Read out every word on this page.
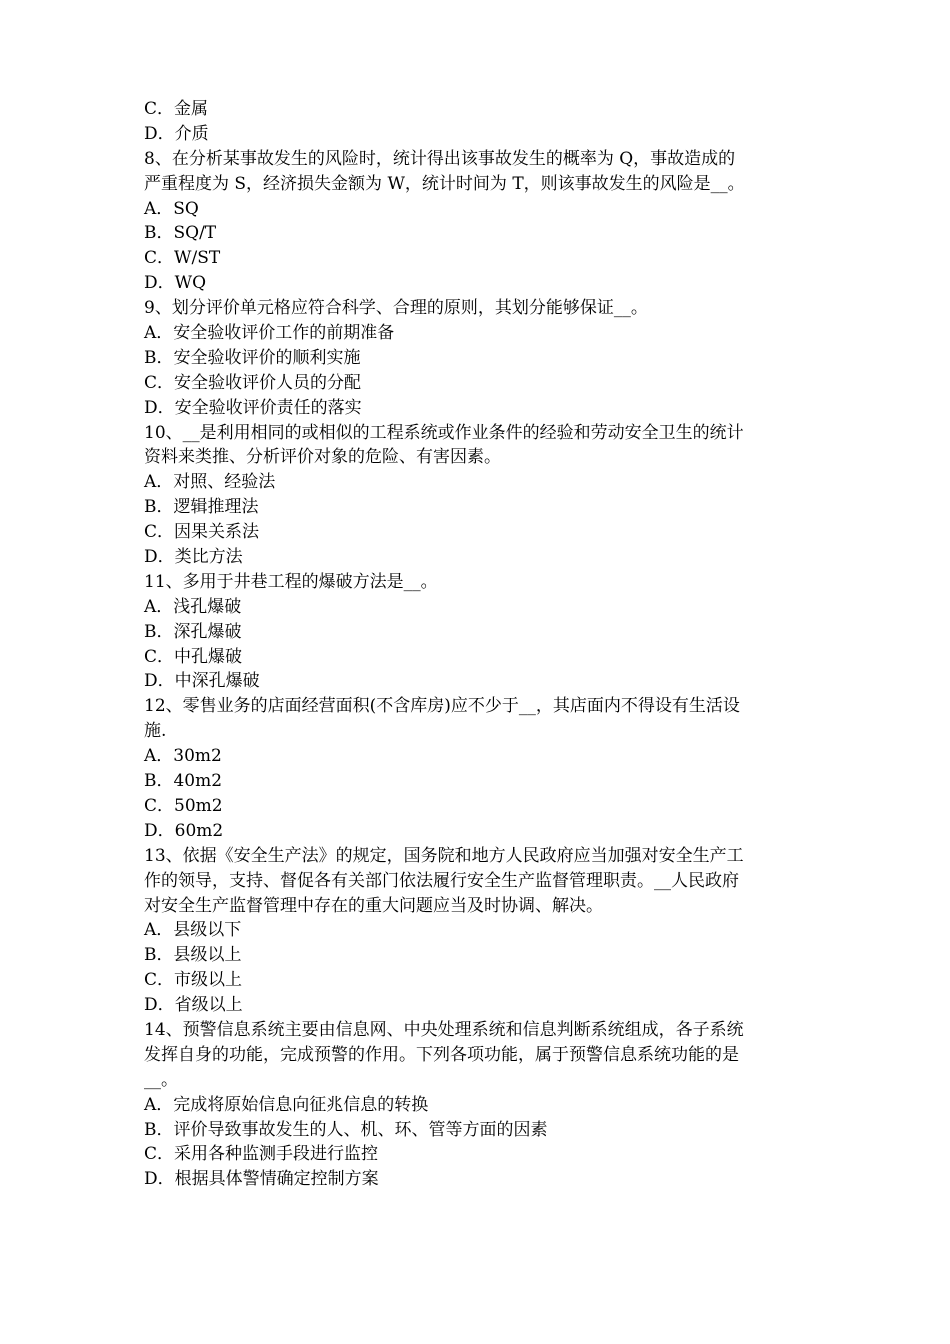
C．金属
D．介质
8、在分析某事故发生的风险时，统计得出该事故发生的概率为 Q，事故造成的
严重程度为 S，经济损失金额为 W，统计时间为 T，则该事故发生的风险是__。
A．SQ
B．SQ/T
C．W/ST
D．WQ
9、划分评价单元格应符合科学、合理的原则，其划分能够保证__。
A．安全验收评价工作的前期准备
B．安全验收评价的顺利实施
C．安全验收评价人员的分配
D．安全验收评价责任的落实
10、__是利用相同的或相似的工程系统或作业条件的经验和劳动安全卫生的统计
资料来类推、分析评价对象的危险、有害因素。
A．对照、经验法
B．逻辑推理法
C．因果关系法
D．类比方法
11、多用于井巷工程的爆破方法是__。
A．浅孔爆破
B．深孔爆破
C．中孔爆破
D．中深孔爆破
12、零售业务的店面经营面积(不含库房)应不少于__，其店面内不得设有生活设
施.
A．30m2
B．40m2
C．50m2
D．60m2
13、依据《安全生产法》的规定，国务院和地方人民政府应当加强对安全生产工
作的领导，支持、督促各有关部门依法履行安全生产监督管理职责。__人民政府
对安全生产监督管理中存在的重大问题应当及时协调、解决。
A．县级以下
B．县级以上
C．市级以上
D．省级以上
14、预警信息系统主要由信息网、中央处理系统和信息判断系统组成，各子系统
发挥自身的功能，完成预警的作用。下列各项功能，属于预警信息系统功能的是
__。
A．完成将原始信息向征兆信息的转换
B．评价导致事故发生的人、机、环、管等方面的因素
C．采用各种监测手段进行监控
D．根据具体警情确定控制方案
